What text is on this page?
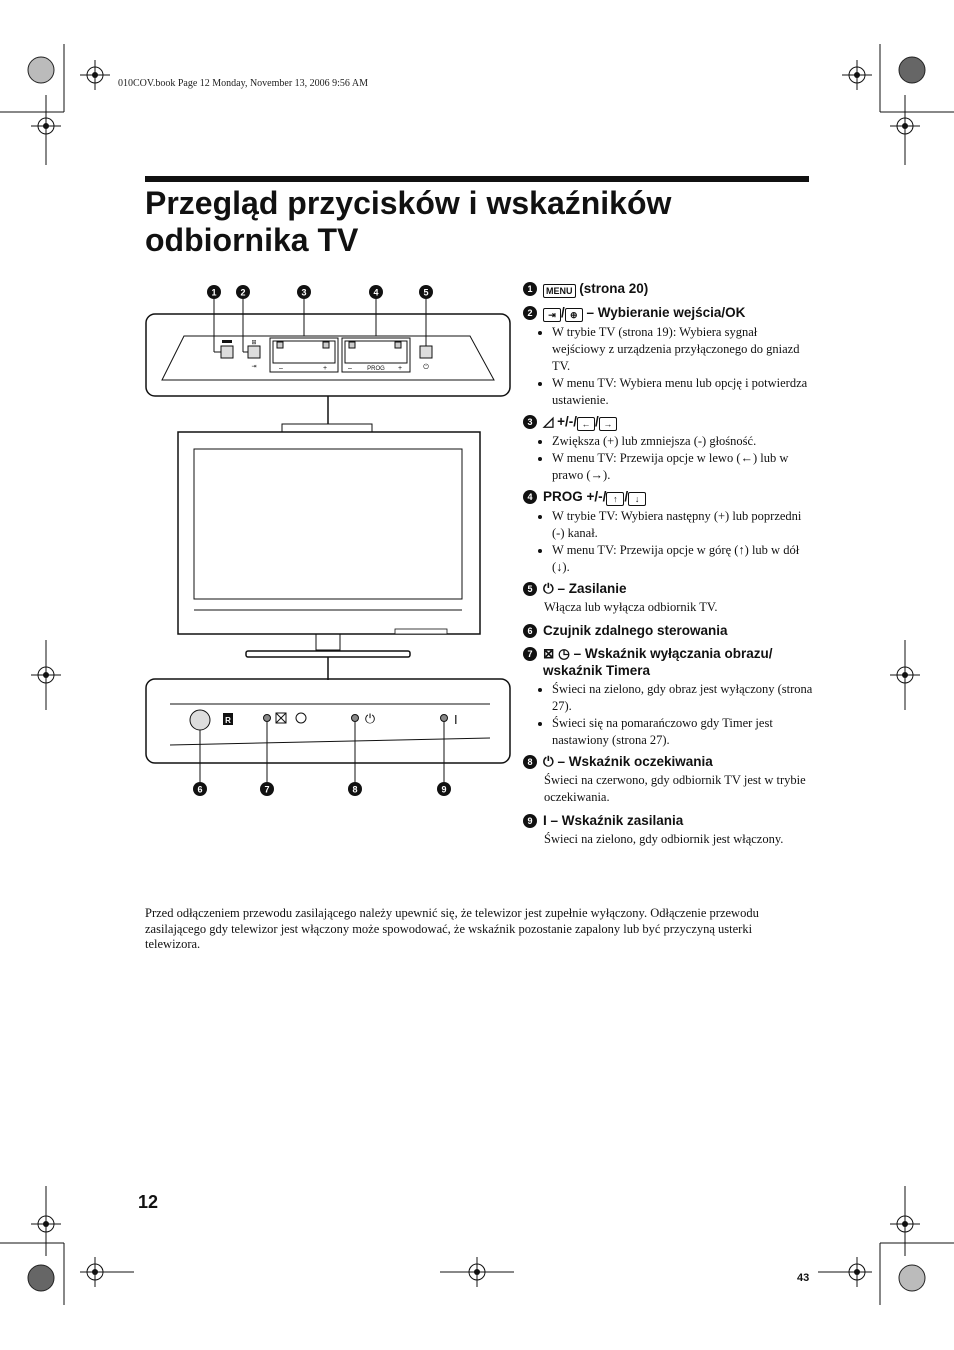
010COV.book Page 12 Monday, November 13, 2006 9:56 AM
Przegląd przycisków i wskaźników
odbiornika TV
1	2	3	4	5
⊞
⇥	–	+	–	PROG +	⏻
R	⏻	I
6	7	8	9
1	MENU (strona 20)
2	⇥ / ⊕ – Wybieranie wejścia/OK
• W trybie TV (strona 19): Wybiera sygnał wejściowy z urządzenia przyłączonego do gniazd TV.
• W menu TV: Wybiera menu lub opcję i potwierdza ustawienie.
3 ◿ +/-/ ← / →
• Zwiększa (+) lub zmniejsza (-) głośność.
• W menu TV: Przewija opcje w lewo (←) lub w prawo (→).
4 PROG +/-/ ↑ / ↓
• W trybie TV: Wybiera następny (+) lub poprzedni (-) kanał.
• W menu TV: Przewija opcje w górę (↑) lub w dół (↓).
5 ⏻ – Zasilanie
Włącza lub wyłącza odbiornik TV.
6 Czujnik zdalnego sterowania
7 ⊠ ◷ – Wskaźnik wyłączania obrazu/ wskaźnik Timera
• Świeci na zielono, gdy obraz jest wyłączony (strona 27).
• Świeci się na pomarańczowo gdy Timer jest nastawiony (strona 27).
8 ⏻ – Wskaźnik oczekiwania
Świeci na czerwono, gdy odbiornik TV jest w trybie oczekiwania.
9 I – Wskaźnik zasilania
Świeci na zielono, gdy odbiornik jest włączony.
Przed odłączeniem przewodu zasilającego należy upewnić się, że telewizor jest zupełnie wyłączony. Odłączenie przewodu zasilającego gdy telewizor jest włączony może spowodować, że wskaźnik pozostanie zapalony lub być przyczyną usterki telewizora.
12
43
